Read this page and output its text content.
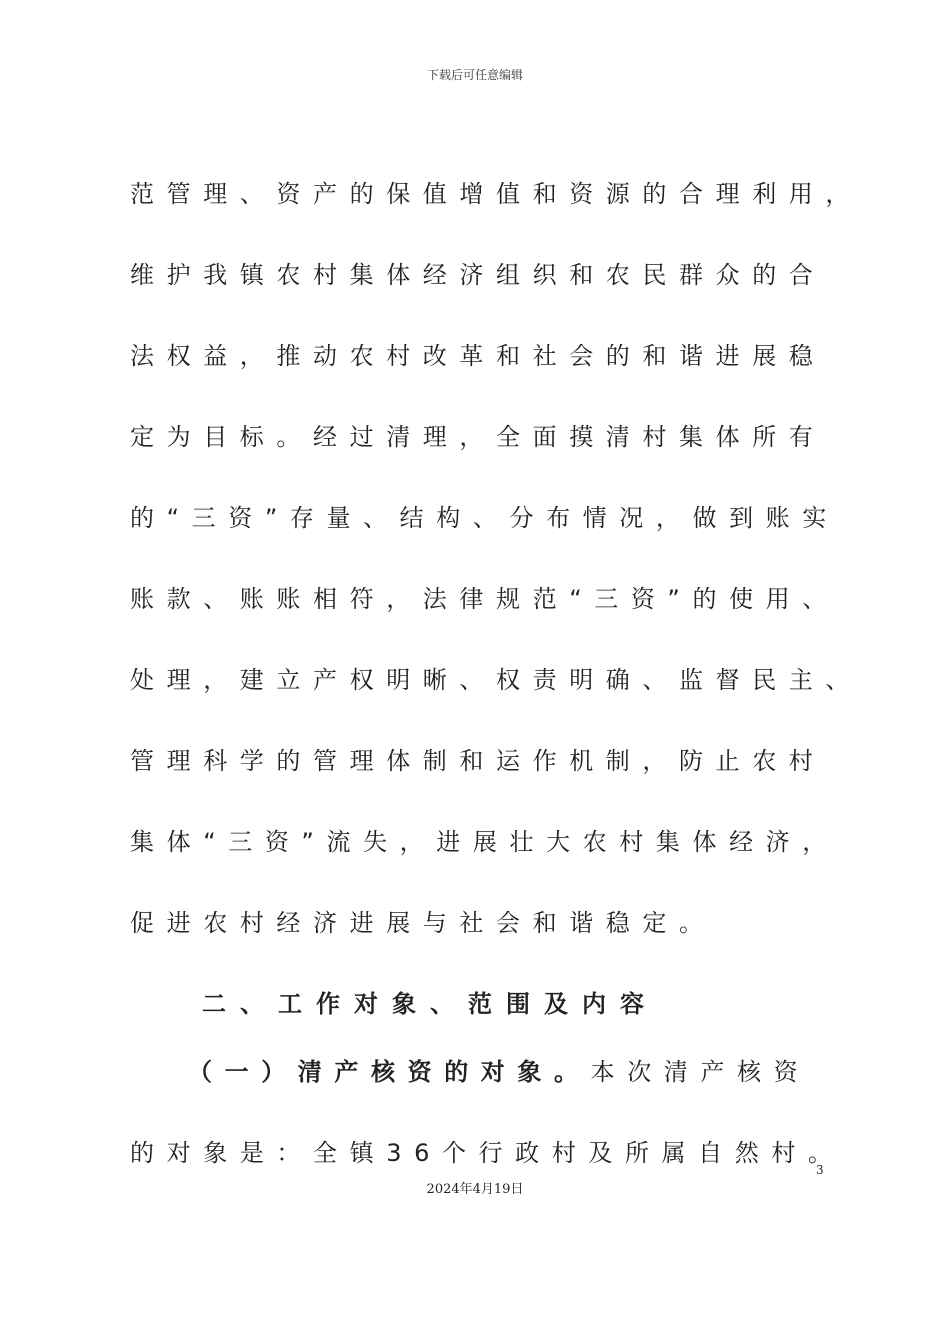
下载后可任意编辑
范管理、资产的保值增值和资源的合理利用，
维护我镇农村集体经济组织和农民群众的合
法权益，推动农村改革和社会的和谐进展稳
定为目标。经过清理，全面摸清村集体所有
的“三资”存量、结构、分布情况，做到账实
账款、账账相符，法律规范“三资”的使用、
处理，建立产权明晰、权责明确、监督民主、
管理科学的管理体制和运作机制，防止农村
集体“三资”流失，进展壮大农村集体经济，
促进农村经济进展与社会和谐稳定。
二、工作对象、范围及内容
（一）清产核资的对象。本次清产核资
的对象是：全镇36个行政村及所属自然村。
3
2024年4月19日
